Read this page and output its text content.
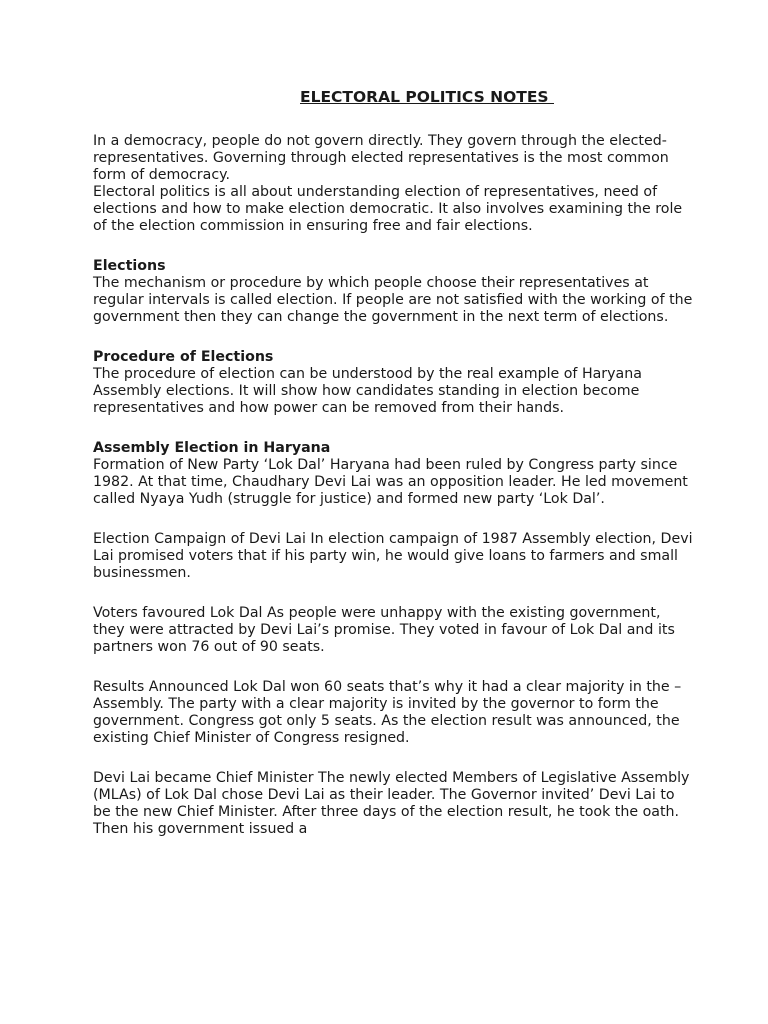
ELECTORAL POLITICS NOTES

In a democracy, people do not govern directly. They govern through the elected- representatives. Governing through elected representatives is the most common form of democracy.

Electoral politics is all about understanding election of representatives, need of elections and how to make election democratic. It also involves examining the role of the election commission in ensuring free and fair elections.

Elections

The mechanism or procedure by which people choose their representatives at regular intervals is called election. If people are not satisfied with the working of the government then they can change the government in the next term of elections.

Procedure of Elections

The procedure of election can be understood by the real example of Haryana Assembly elections. It will show how candidates standing in election become representatives and how power can be removed from their hands.

Assembly Election in Haryana

Formation of New Party ‘Lok Dal’ Haryana had been ruled by Congress party since 1982. At that time, Chaudhary Devi Lai was an opposition leader. He led movement called Nyaya Yudh (struggle for justice) and formed new party ‘Lok Dal’.

Election Campaign of Devi Lai In election campaign of 1987 Assembly election, Devi Lai promised voters that if his party win, he would give loans to farmers and small businessmen.

Voters favoured Lok Dal As people were unhappy with the existing government, they were attracted by Devi Lai’s promise. They voted in favour of Lok Dal and its partners won 76 out of 90 seats.

Results Announced Lok Dal won 60 seats that’s why it had a clear majority in the – Assembly. The party with a clear majority is invited by the governor to form the government. Congress got only 5 seats. As the election result was announced, the existing Chief Minister of Congress resigned.

Devi Lai became Chief Minister The newly elected Members of Legislative Assembly (MLAs) of Lok Dal chose Devi Lai as their leader. The Governor invited’ Devi Lai to be the new Chief Minister. After three days of the election result, he took the oath. Then his government issued a
